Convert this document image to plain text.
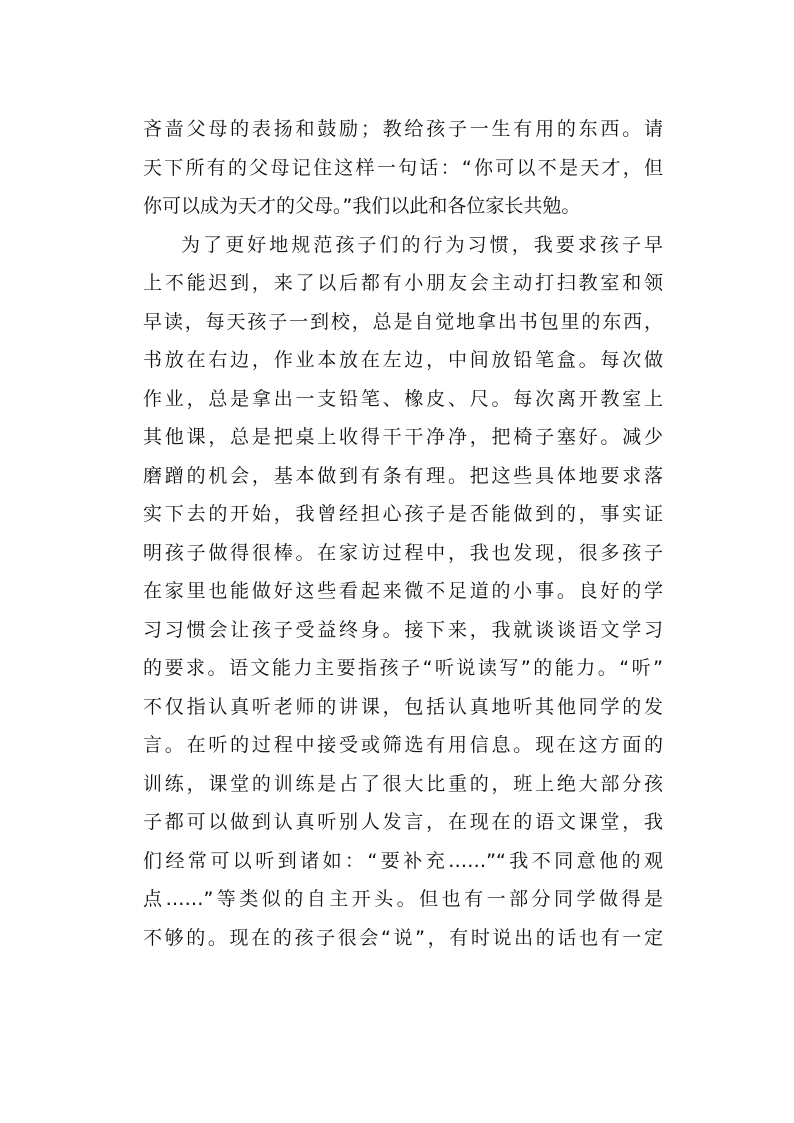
吝啬父母的表扬和鼓励；教给孩子一生有用的东西。请
天下所有的父母记住这样一句话：“你可以不是天才，但
你可以成为天才的父母。”我们以此和各位家长共勉。
为了更好地规范孩子们的行为习惯，我要求孩子早
上不能迟到，来了以后都有小朋友会主动打扫教室和领
早读，每天孩子一到校，总是自觉地拿出书包里的东西，
书放在右边，作业本放在左边，中间放铅笔盒。每次做
作业，总是拿出一支铅笔、橡皮、尺。每次离开教室上
其他课，总是把桌上收得干干净净，把椅子塞好。减少
磨蹭的机会，基本做到有条有理。把这些具体地要求落
实下去的开始，我曾经担心孩子是否能做到的，事实证
明孩子做得很棒。在家访过程中，我也发现，很多孩子
在家里也能做好这些看起来微不足道的小事。良好的学
习习惯会让孩子受益终身。接下来，我就谈谈语文学习
的要求。语文能力主要指孩子“听说读写”的能力。“听”
不仅指认真听老师的讲课，包括认真地听其他同学的发
言。在听的过程中接受或筛选有用信息。现在这方面的
训练，课堂的训练是占了很大比重的，班上绝大部分孩
子都可以做到认真听别人发言，在现在的语文课堂，我
们经常可以听到诸如：“要补充……”“我不同意他的观
点……”等类似的自主开头。但也有一部分同学做得是
不够的。现在的孩子很会“说”，有时说出的话也有一定
